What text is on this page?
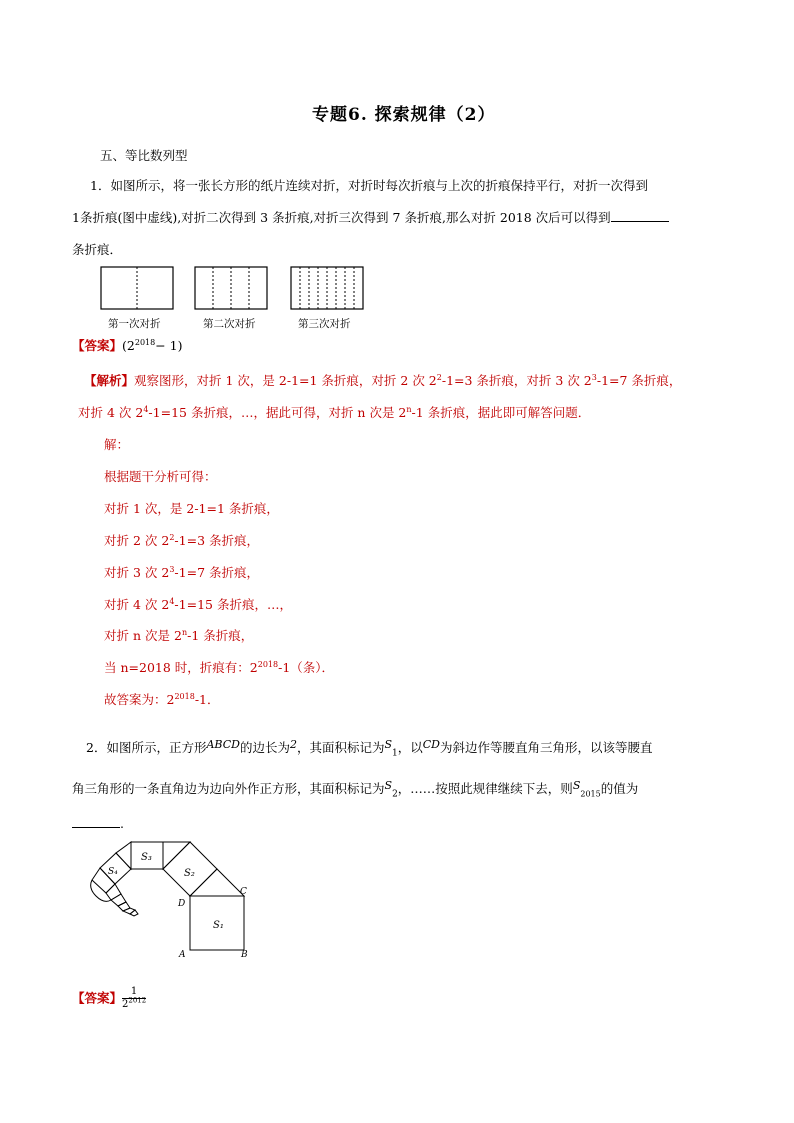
专题6. 探索规律（2）
五、等比数列型
1．如图所示，将一张长方形的纸片连续对折，对折时每次折痕与上次的折痕保持平行，对折一次得到
1条折痕(图中虚线),对折二次得到 3 条折痕,对折三次得到 7 条折痕,那么对折 2018 次后可以得到
条折痕．
第一次对折	第二次对折	第三次对折
【答案】$(2^{2018}- 1)$
【解析】观察图形，对折 1 次，是 2-1=1 条折痕，对折 2 次 $2^2-1=3$ 条折痕，对折 3 次 $2^3-1=7$ 条折痕，
对折 4 次 $2^4-1=15$ 条折痕，…，据此可得，对折 n 次是 2$^n$-1 条折痕，据此即可解答问题．
解：
根据题干分析可得：
对折 1 次，是 2-1=1 条折痕，
对折 2 次 $2^2-1=3$ 条折痕，
对折 3 次 $2^3-1=7$ 条折痕，
对折 4 次 $2^4-1=15$ 条折痕，…，
对折 n 次是 2$^n$-1 条折痕，
当 n=2018 时，折痕有：$2^{2018}-1$（条）．
故答案为：$2^{2018}-1$．
2．如图所示，正方形ABCD的边长为2，其面积标记为$S_1$，以CD为斜边作等腰直角三角形，以该等腰直
角三角形的一条直角边为边向外作正方形，其面积标记为$S_2$，……按照此规律继续下去，则$S_{2015}$的值为
.
S₁
S₂
S₃
S₄
A	B
C
D
【答案】 $\frac{1}{2^{2012}}$
